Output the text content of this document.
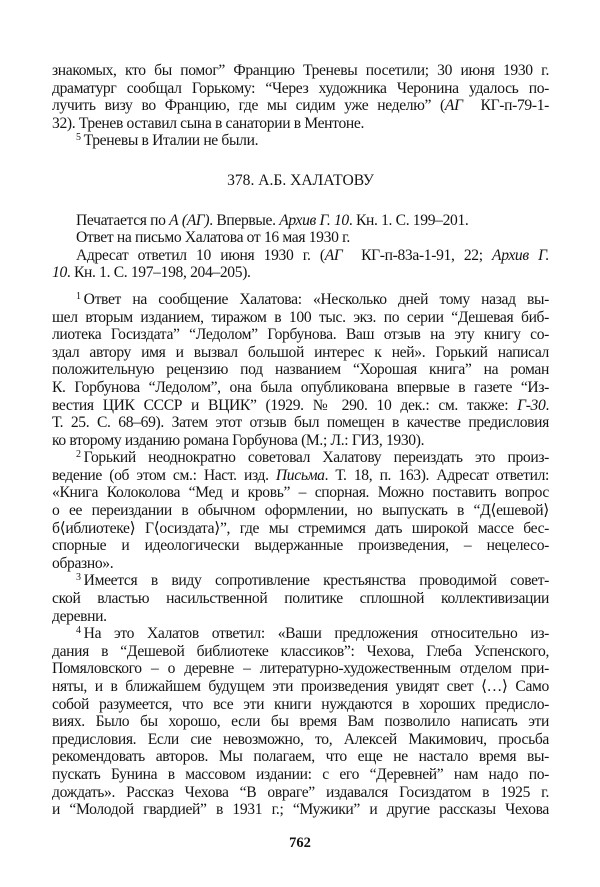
знакомых, кто бы помог” Францию Треневы посетили; 30 июня 1930 г.
драматург сообщал Горькому: “Через художника Черонина удалось по-
лучить визу во Францию, где мы сидим уже неделю” (АГ  КГ-п-79-1-
32). Тренев оставил сына в санатории в Ментоне.
$^5$ Треневы в Италии не были.
378. А.Б. ХАЛАТОВУ
Печатается по А (АГ). Впервые. Архив Г. 10. Кн. 1. С. 199–201.
Ответ на письмо Халатова от 16 мая 1930 г.
Адресат ответил 10 июня 1930 г. (АГ  КГ-п-83а-1-91, 22; Архив Г.
10. Кн. 1. С. 197–198, 204–205).
$^1$ Ответ на сообщение Халатова: «Несколько дней тому назад вы-
шел вторым изданием, тиражом в 100 тыс. экз. по серии “Дешевая биб-
лиотека Госиздата” “Ледолом” Горбунова. Ваш отзыв на эту книгу со-
здал автору имя и вызвал большой интерес к ней». Горький написал
положительную рецензию под названием “Хорошая книга” на роман
К. Горбунова “Ледолом”, она была опубликована впервые в газете “Из-
вестия ЦИК СССР и ВЦИК” (1929. № 290. 10 дек.: см. также: Г-30.
Т. 25. С. 68–69). Затем этот отзыв был помещен в качестве предисловия
ко второму изданию романа Горбунова (М.; Л.: ГИЗ, 1930).
$^2$ Горький неоднократно советовал Халатову переиздать это произ-
ведение (об этом см.: Наст. изд. Письма. Т. 18, п. 163). Адресат ответил:
«Книга Колоколова “Мед и кровь” – спорная. Можно поставить вопрос
о ее переиздании в обычном оформлении, но выпускать в “Д⟨ешевой⟩
б⟨иблиотеке⟩ Г⟨осиздата⟩”, где мы стремимся дать широкой массе бес-
спорные и идеологически выдержанные произведения, – нецелесо-
образно».
$^3$ Имеется в виду сопротивление крестьянства проводимой совет-
ской властью насильственной политике сплошной коллективизации
деревни.
$^4$ На это Халатов ответил: «Ваши предложения относительно из-
дания в “Дешевой библиотеке классиков”: Чехова, Глеба Успенского,
Помяловского – о деревне – литературно-художественным отделом при-
няты, и в ближайшем будущем эти произведения увидят свет ⟨…⟩ Само
собой разумеется, что все эти книги нуждаются в хороших предисло-
виях. Было бы хорошо, если бы время Вам позволило написать эти
предисловия. Если сие невозможно, то, Алексей Макимович, просьба
рекомендовать авторов. Мы полагаем, что еще не настало время вы-
пускать Бунина в массовом издании: с его “Деревней” нам надо по-
дождать». Рассказ Чехова “В овраге” издавался Госиздатом в 1925 г.
и “Молодой гвардией” в 1931 г.; “Мужики” и другие рассказы Чехова
762
